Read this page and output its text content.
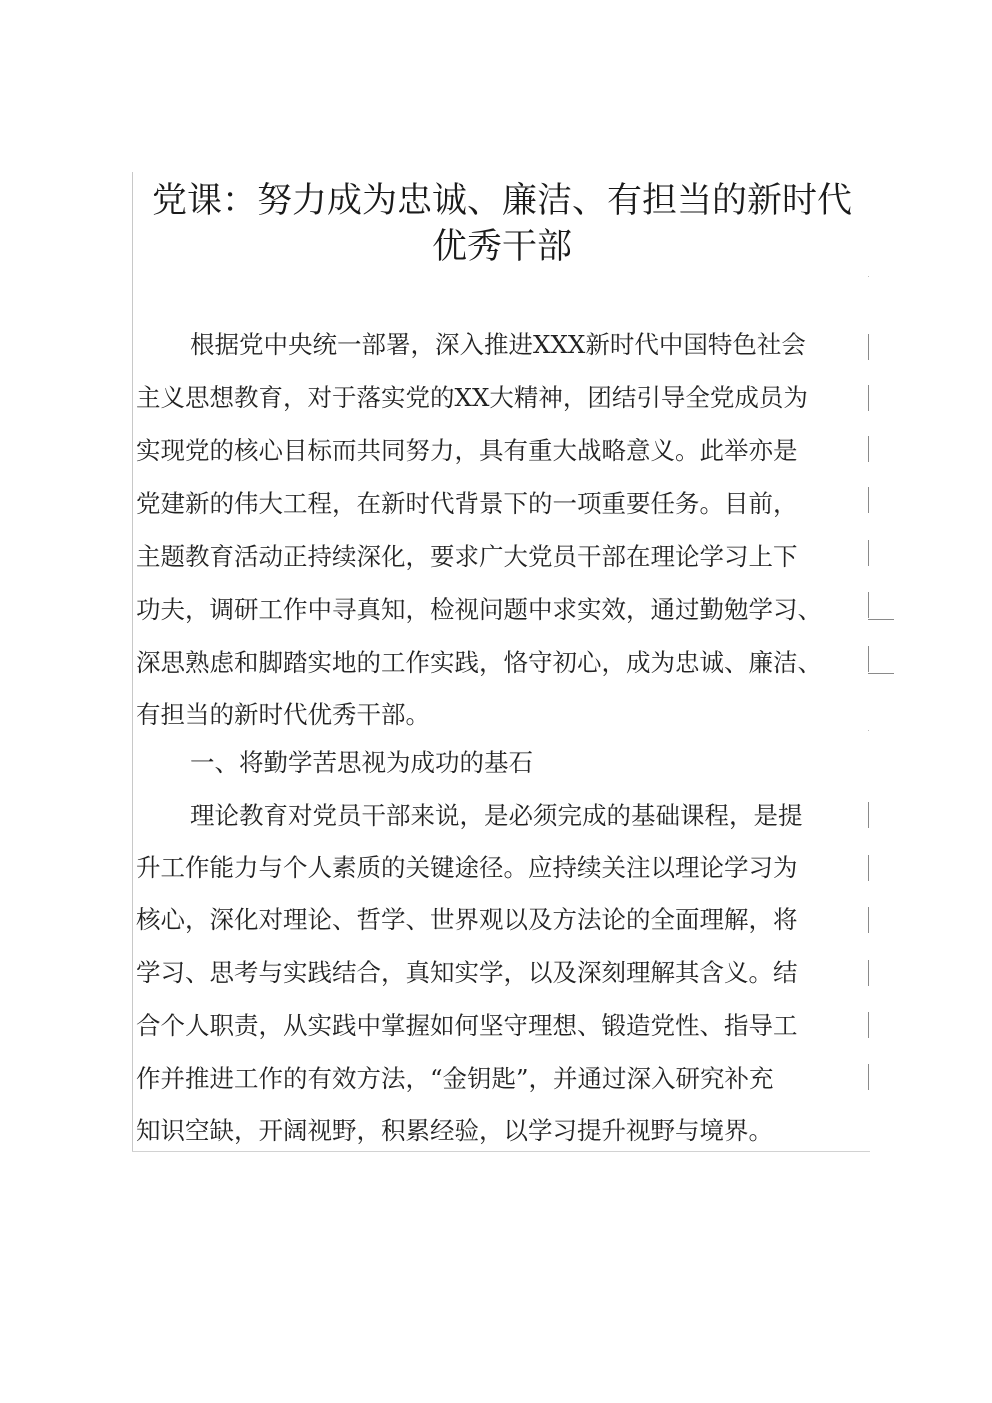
党课：努力成为忠诚、廉洁、有担当的新时代
优秀干部
根据党中央统一部署，深入推进XXX新时代中国特色社会
主义思想教育，对于落实党的XX大精神，团结引导全党成员为
实现党的核心目标而共同努力，具有重大战略意义。此举亦是
党建新的伟大工程，在新时代背景下的一项重要任务。目前，
主题教育活动正持续深化，要求广大党员干部在理论学习上下
功夫，调研工作中寻真知，检视问题中求实效，通过勤勉学习、
深思熟虑和脚踏实地的工作实践，恪守初心，成为忠诚、廉洁、
有担当的新时代优秀干部。
一、将勤学苦思视为成功的基石
理论教育对党员干部来说，是必须完成的基础课程，是提
升工作能力与个人素质的关键途径。应持续关注以理论学习为
核心，深化对理论、哲学、世界观以及方法论的全面理解，将
学习、思考与实践结合，真知实学，以及深刻理解其含义。结
合个人职责，从实践中掌握如何坚守理想、锻造党性、指导工
作并推进工作的有效方法，“金钥匙”，并通过深入研究补充
知识空缺，开阔视野，积累经验，以学习提升视野与境界。
